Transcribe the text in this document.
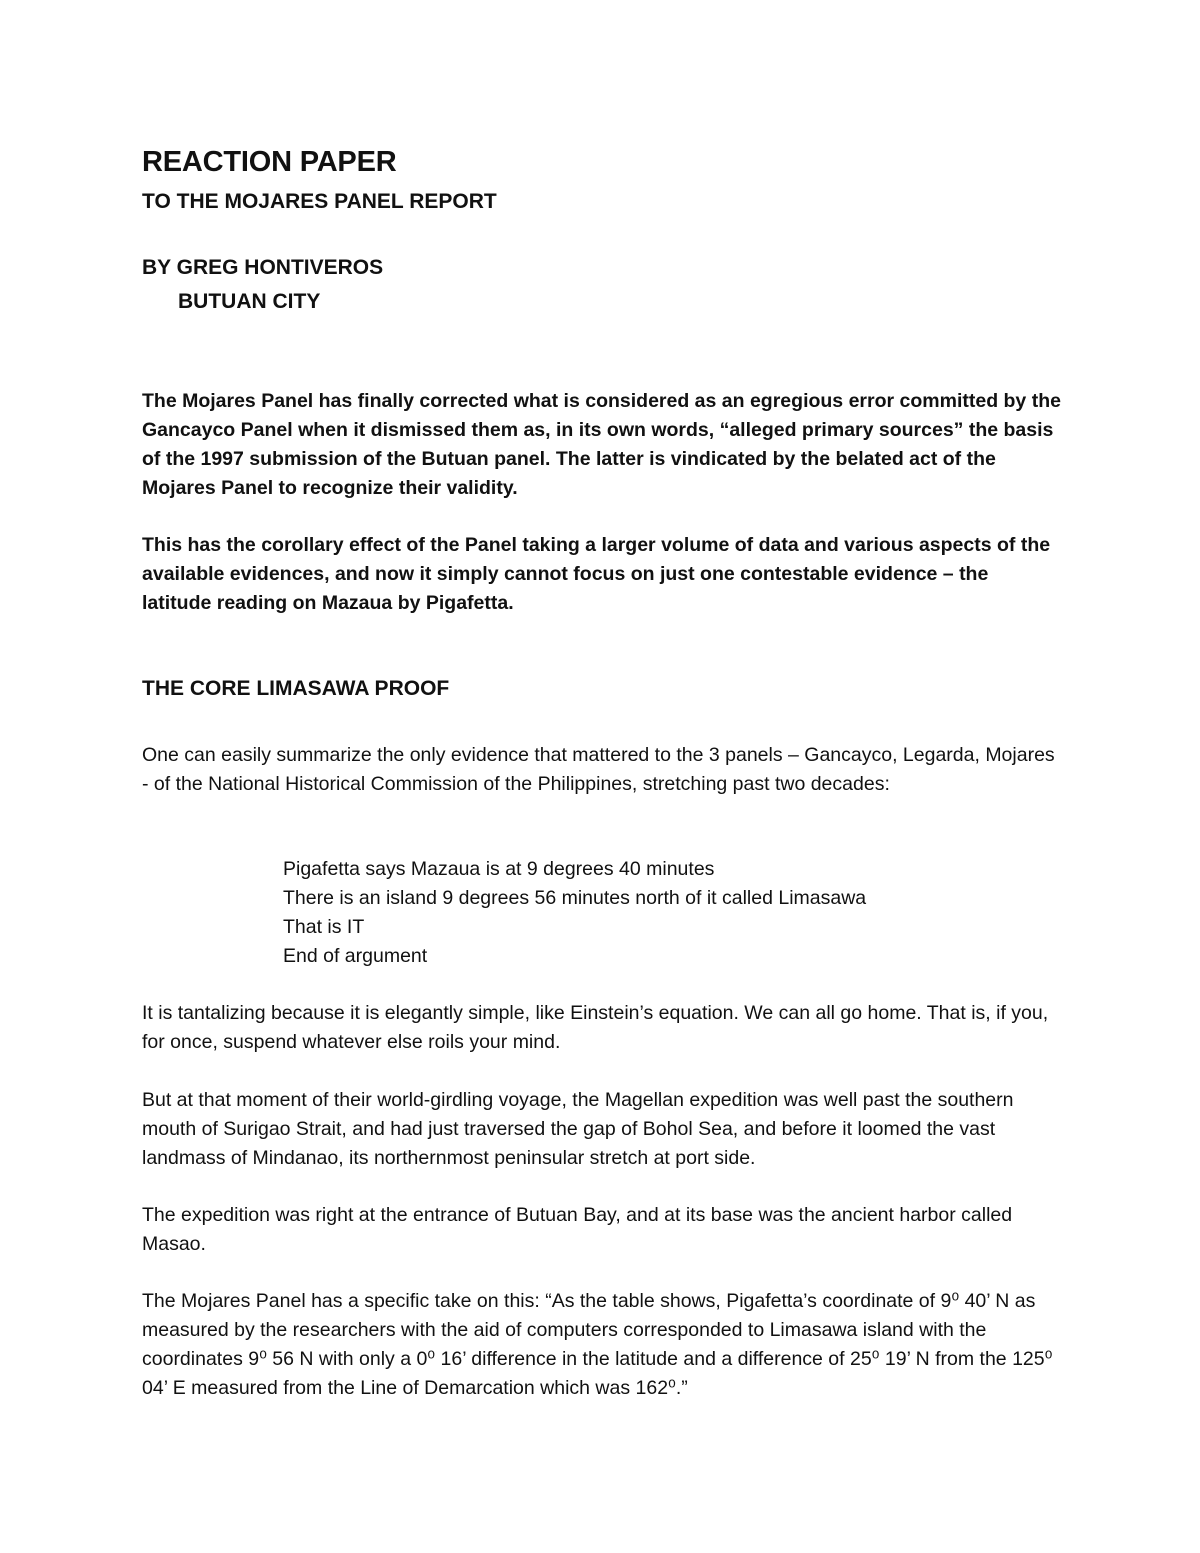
REACTION PAPER
TO THE MOJARES PANEL REPORT
BY GREG HONTIVEROS
BUTUAN CITY

The Mojares Panel has finally corrected what is considered as an egregious error committed by the Gancayco Panel when it dismissed them as, in its own words, “alleged primary sources” the basis of the 1997 submission of the Butuan panel. The latter is vindicated by the belated act of the Mojares Panel to recognize their validity.

This has the corollary effect of the Panel taking a larger volume of data and various aspects of the available evidences, and now it simply cannot focus on just one contestable evidence – the latitude reading on Mazaua by Pigafetta.

THE CORE LIMASAWA PROOF

One can easily summarize the only evidence that mattered to the 3 panels – Gancayco, Legarda, Mojares - of the National Historical Commission of the Philippines, stretching past two decades:

Pigafetta says Mazaua is at 9 degrees 40 minutes
There is an island 9 degrees 56 minutes north of it called Limasawa
That is IT
End of argument

It is tantalizing because it is elegantly simple, like Einstein’s equation. We can all go home. That is, if you, for once, suspend whatever else roils your mind.

But at that moment of their world-girdling voyage, the Magellan expedition was well past the southern mouth of Surigao Strait, and had just traversed the gap of Bohol Sea, and before it loomed the vast landmass of Mindanao, its northernmost peninsular stretch at port side.

The expedition was right at the entrance of Butuan Bay, and at its base was the ancient harbor called Masao.

The Mojares Panel has a specific take on this: “As the table shows, Pigafetta’s coordinate of 9⁰ 40’ N as measured by the researchers with the aid of computers corresponded to Limasawa island with the coordinates 9⁰ 56 N with only a 0⁰ 16’ difference in the latitude and a difference of 25⁰ 19’ N from the 125⁰ 04’ E measured from the Line of Demarcation which was 162⁰.”
